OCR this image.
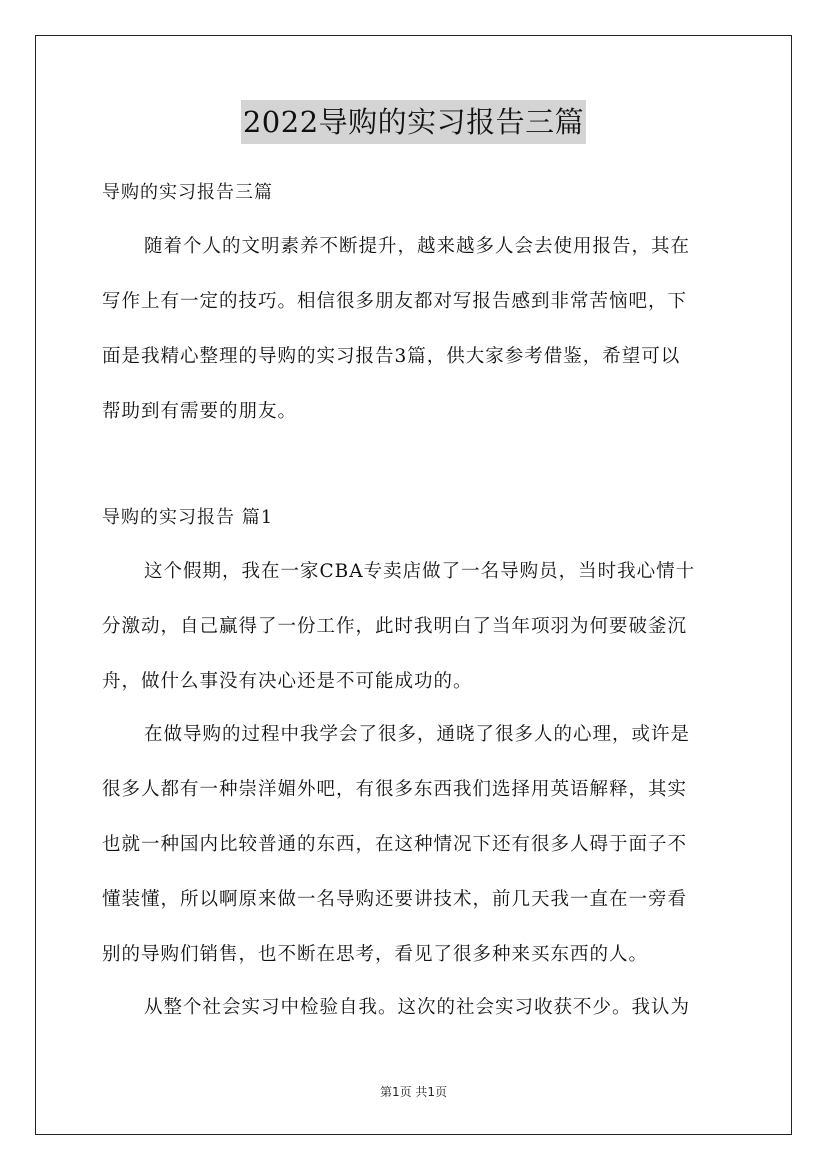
2022导购的实习报告三篇
导购的实习报告三篇
随着个人的文明素养不断提升，越来越多人会去使用报告，其在
写作上有一定的技巧。相信很多朋友都对写报告感到非常苦恼吧，下
面是我精心整理的导购的实习报告3篇，供大家参考借鉴，希望可以
帮助到有需要的朋友。
导购的实习报告 篇1
这个假期，我在一家CBA专卖店做了一名导购员，当时我心情十
分激动，自己赢得了一份工作，此时我明白了当年项羽为何要破釜沉
舟，做什么事没有决心还是不可能成功的。
在做导购的过程中我学会了很多，通晓了很多人的心理，或许是
很多人都有一种崇洋媚外吧，有很多东西我们选择用英语解释，其实
也就一种国内比较普通的东西，在这种情况下还有很多人碍于面子不
懂装懂，所以啊原来做一名导购还要讲技术，前几天我一直在一旁看
别的导购们销售，也不断在思考，看见了很多种来买东西的人。
从整个社会实习中检验自我。这次的社会实习收获不少。我认为
第1页 共1页
